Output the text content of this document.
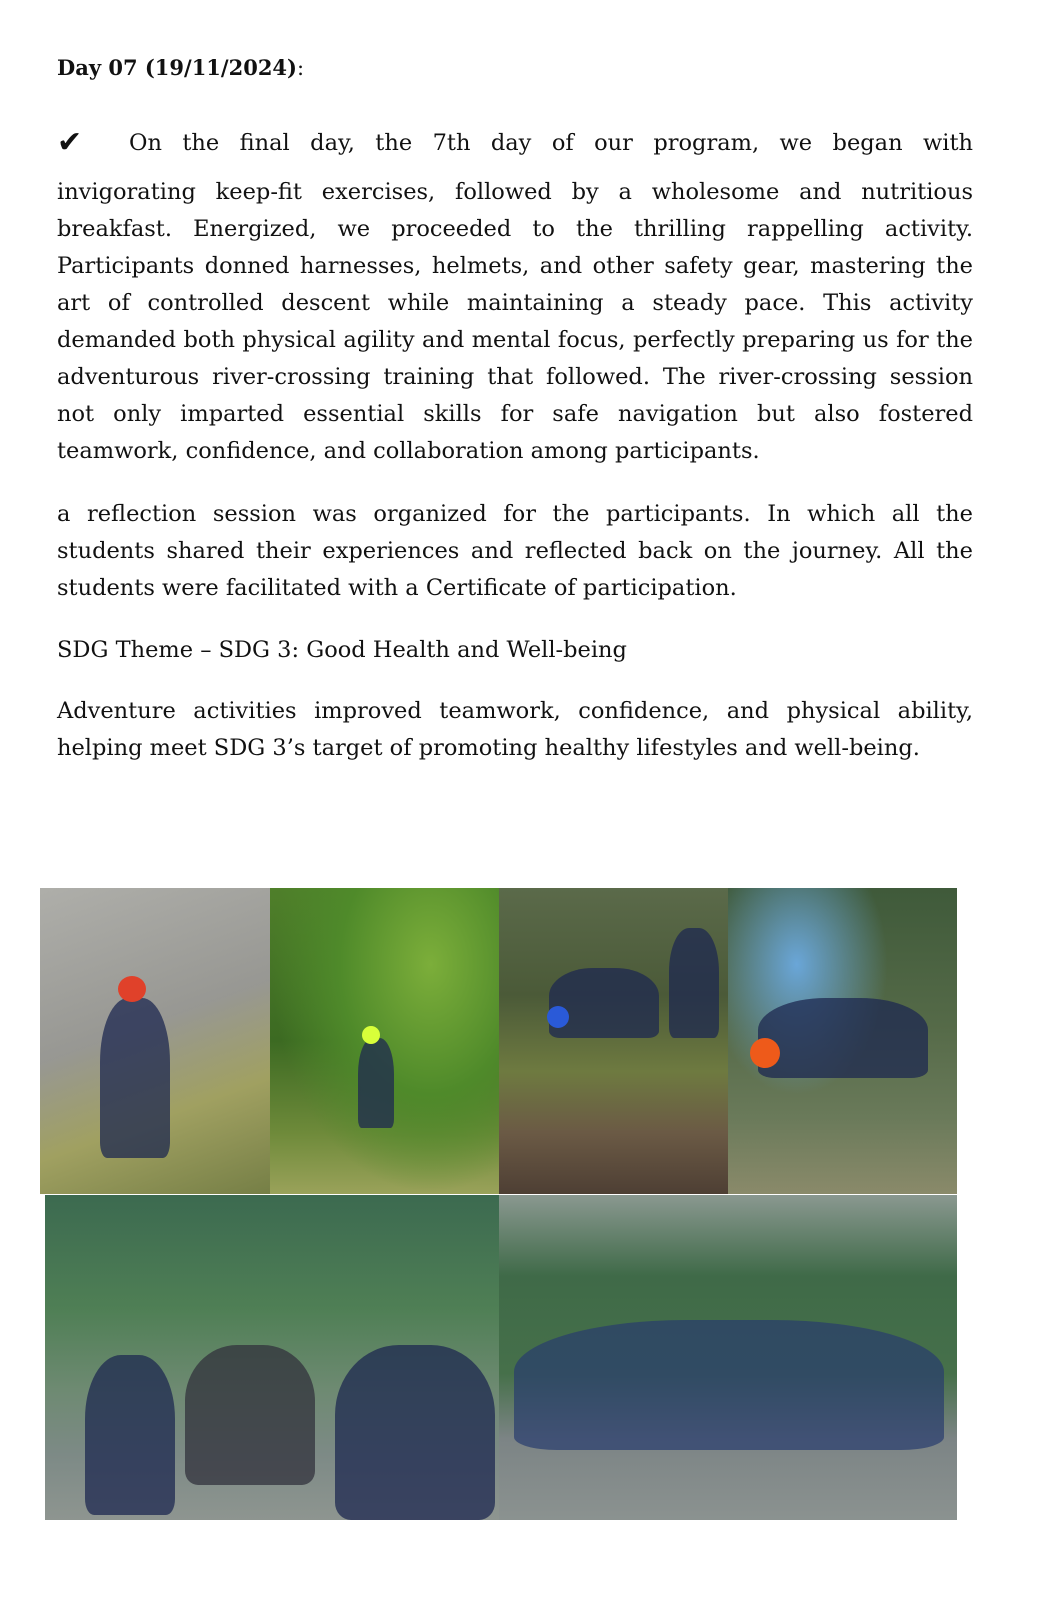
Day 07 (19/11/2024):
✔ On the final day, the 7th day of our program, we began with
invigorating keep-fit exercises, followed by a wholesome and nutritious breakfast. Energized, we proceeded to the thrilling rappelling activity. Participants donned harnesses, helmets, and other safety gear, mastering the art of controlled descent while maintaining a steady pace. This activity demanded both physical agility and mental focus, perfectly preparing us for the adventurous river-crossing training that followed. The river-crossing session not only imparted essential skills for safe navigation but also fostered teamwork, confidence, and collaboration among participants.
a reflection session was organized for the participants. In which all the students shared their experiences and reflected back on the journey. All the students were facilitated with a Certificate of participation.
SDG Theme – SDG 3: Good Health and Well-being
Adventure activities improved teamwork, confidence, and physical ability, helping meet SDG 3’s target of promoting healthy lifestyles and well-being.
